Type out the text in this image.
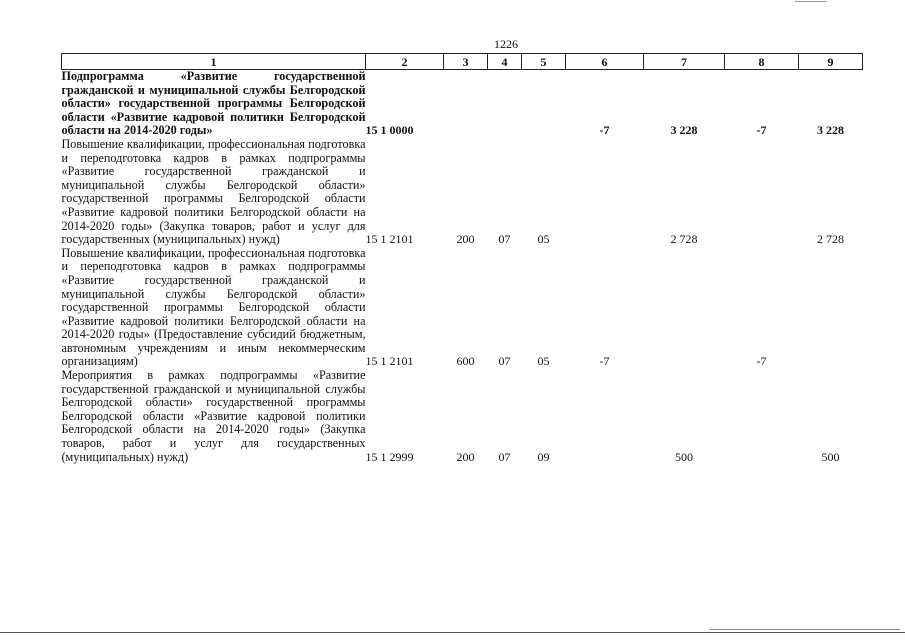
1226
1	2	3	4	5	6	7	8	9
Подпрограмма «Развитие государственной гражданской и муниципальной службы Белгородской области» государственной программы Белгородской области «Развитие кадровой политики Белгородской области на 2014-2020 годы»	15 1 0000				-7	3 228	-7	3 228
Повышение квалификации, профессиональная подготовка и переподготовка кадров в рамках подпрограммы «Развитие государственной гражданской и муниципальной службы Белгородской области» государственной программы Белгородской области «Развитие кадровой политики Белгородской области на 2014-2020 годы» (Закупка товаров, работ и услуг для государственных (муниципальных) нужд)	15 1 2101	200	07	05		2 728		2 728
Повышение квалификации, профессиональная подготовка и переподготовка кадров в рамках подпрограммы «Развитие государственной гражданской и муниципальной службы Белгородской области» государственной программы Белгородской области «Развитие кадровой политики Белгородской области на 2014-2020 годы» (Предоставление субсидий бюджетным, автономным учреждениям и иным некоммерческим организациям)	15 1 2101	600	07	05	-7		-7	
Мероприятия в рамках подпрограммы «Развитие государственной гражданской и муниципальной службы Белгородской области» государственной программы Белгородской области «Развитие кадровой политики Белгородской области на 2014-2020 годы» (Закупка товаров, работ и услуг для государственных (муниципальных) нужд)	15 1 2999	200	07	09		500		500
